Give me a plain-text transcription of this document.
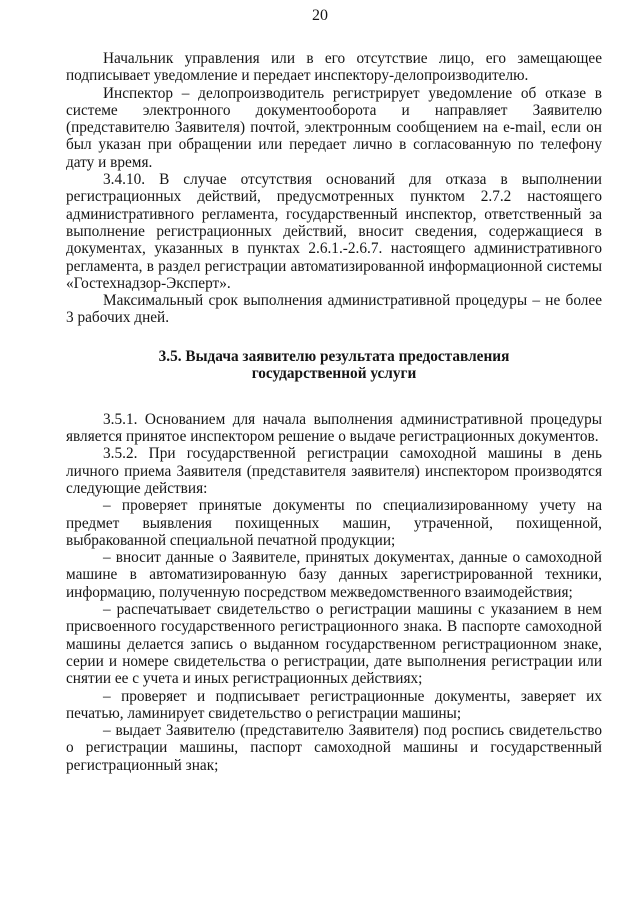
20

Начальник управления или в его отсутствие лицо, его замещающее подписывает уведомление и передает инспектору-делопроизводителю.

Инспектор – делопроизводитель регистрирует уведомление об отказе в системе электронного документооборота и направляет Заявителю (представителю Заявителя) почтой, электронным сообщением на e-mail, если он был указан при обращении или передает лично в согласованную по телефону дату и время.

3.4.10. В случае отсутствия оснований для отказа в выполнении регистрационных действий, предусмотренных пунктом 2.7.2 настоящего административного регламента, государственный инспектор, ответственный за выполнение регистрационных действий, вносит сведения, содержащиеся в документах, указанных в пунктах 2.6.1.-2.6.7. настоящего административного регламента, в раздел регистрации автоматизированной информационной системы «Гостехнадзор-Эксперт».

Максимальный срок выполнения административной процедуры – не более 3 рабочих дней.

3.5. Выдача заявителю результата предоставления
государственной услуги

3.5.1. Основанием для начала выполнения административной процедуры является принятое инспектором решение о выдаче регистрационных документов.

3.5.2. При государственной регистрации самоходной машины в день личного приема Заявителя (представителя заявителя) инспектором производятся следующие действия:

– проверяет принятые документы по специализированному учету на предмет выявления похищенных машин, утраченной, похищенной, выбракованной специальной печатной продукции;

– вносит данные о Заявителе, принятых документах, данные о самоходной машине в автоматизированную базу данных зарегистрированной техники, информацию, полученную посредством межведомственного взаимодействия;

– распечатывает свидетельство о регистрации машины с указанием в нем присвоенного государственного регистрационного знака. В паспорте самоходной машины делается запись о выданном государственном регистрационном знаке, серии и номере свидетельства о регистрации, дате выполнения регистрации или снятии ее с учета и иных регистрационных действиях;

– проверяет и подписывает регистрационные документы, заверяет их печатью, ламинирует свидетельство о регистрации машины;

– выдает Заявителю (представителю Заявителя) под роспись свидетельство о регистрации машины, паспорт самоходной машины и государственный регистрационный знак;
